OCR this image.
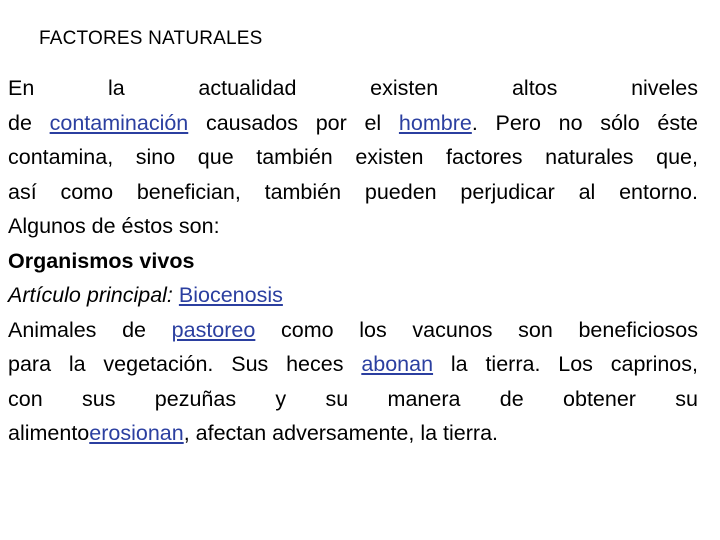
FACTORES NATURALES
En la actualidad existen altos niveles
de contaminación causados por el hombre. Pero no sólo éste
contamina, sino que también existen factores naturales que,
así como benefician, también pueden perjudicar al entorno.
Algunos de éstos son:
Organismos vivos
Artículo principal: Biocenosis
Animales de pastoreo como los vacunos son beneficiosos
para la vegetación. Sus heces abonan la tierra. Los caprinos,
con sus pezuñas y su manera de obtener su
alimentoerosionan, afectan adversamente, la tierra.
